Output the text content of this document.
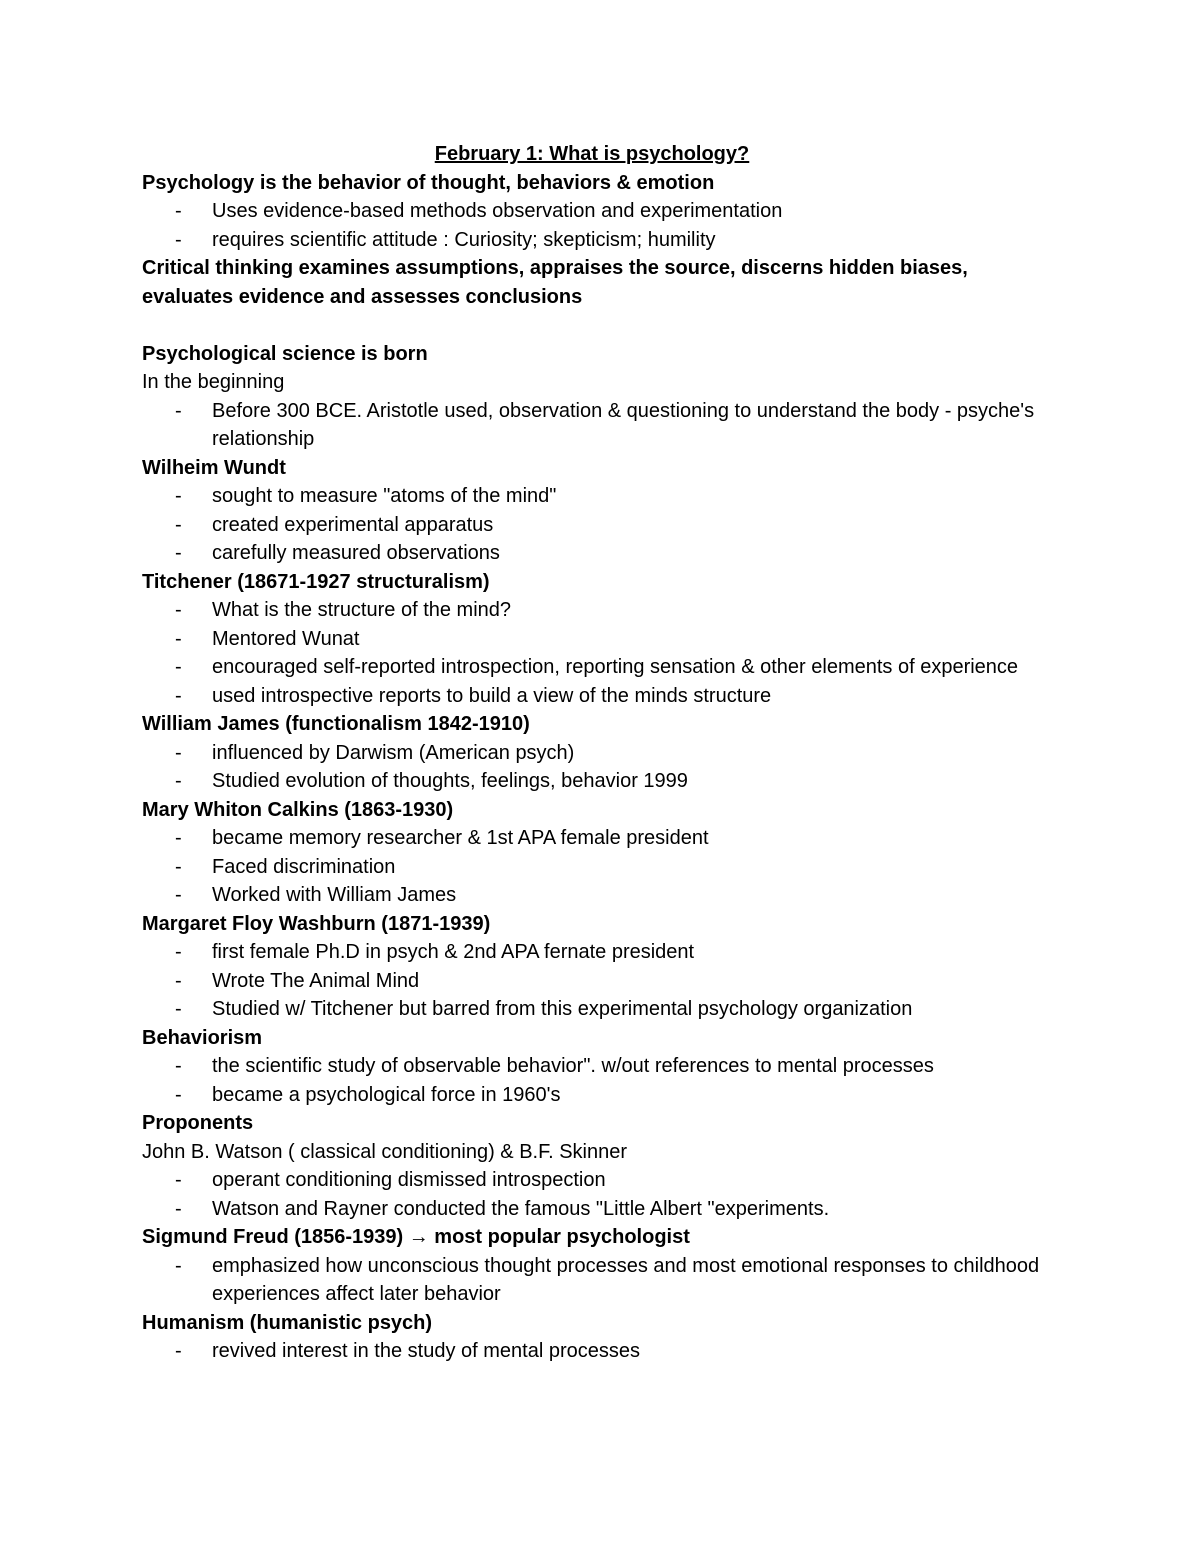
February 1: What is psychology?
Psychology is the behavior of thought, behaviors & emotion
- Uses evidence-based methods observation and experimentation
- requires scientific attitude : Curiosity; skepticism; humility
Critical thinking examines assumptions, appraises the source, discerns hidden biases, evaluates evidence and assesses conclusions
Psychological science is born
In the beginning
- Before 300 BCE. Aristotle used, observation & questioning to understand the body - psyche's relationship
Wilheim Wundt
- sought to measure "atoms of the mind"
- created experimental apparatus
- carefully measured observations
Titchener (18671-1927 structuralism)
- What is the structure of the mind?
- Mentored Wunat
- encouraged self-reported introspection, reporting sensation & other elements of experience
- used introspective reports to build a view of the minds structure
William James (functionalism 1842-1910)
- influenced by Darwism (American psych)
- Studied evolution of thoughts, feelings, behavior 1999
Mary Whiton Calkins (1863-1930)
- became memory researcher & 1st APA female president
- Faced discrimination
- Worked with William James
Margaret Floy Washburn (1871-1939)
- first female Ph.D in psych & 2nd APA fernate president
- Wrote The Animal Mind
- Studied w/ Titchener but barred from this experimental psychology organization
Behaviorism
- the scientific study of observable behavior". w/out references to mental processes
- became a psychological force in 1960's
Proponents
John B. Watson ( classical conditioning) & B.F. Skinner
- operant conditioning dismissed introspection
- Watson and Rayner conducted the famous "Little Albert "experiments.
Sigmund Freud (1856-1939) → most popular psychologist
- emphasized how unconscious thought processes and most emotional responses to childhood experiences affect later behavior
Humanism (humanistic psych)
- revived interest in the study of mental processes
